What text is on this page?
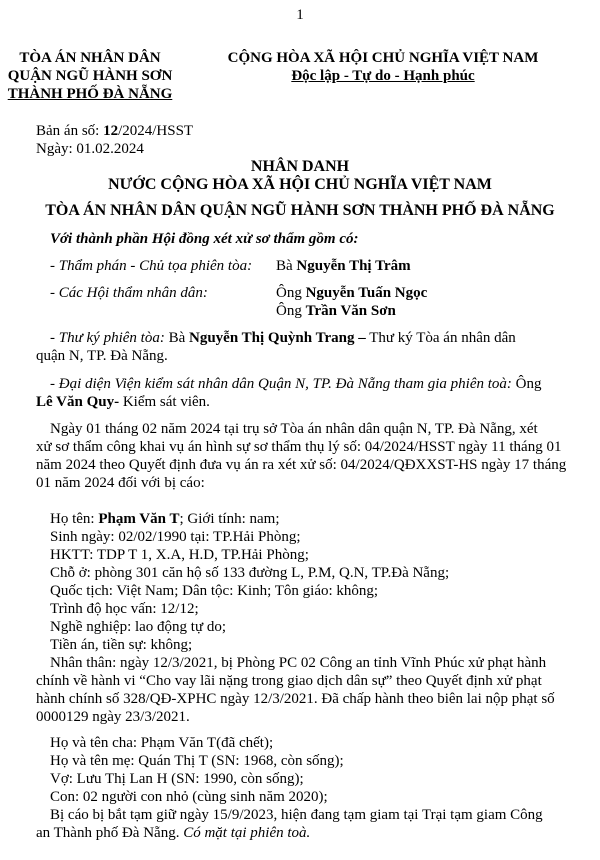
1
TÒA ÁN NHÂN DÂN
QUẬN NGŨ HÀNH SƠN
THÀNH PHỐ ĐÀ NẴNG
CỘNG HÒA XÃ HỘI CHỦ NGHĨA VIỆT NAM
Độc lập - Tự do - Hạnh phúc
Bản án số: 12/2024/HSST
Ngày: 01.02.2024
NHÂN DANH
NƯỚC CỘNG HÒA XÃ HỘI CHỦ NGHĨA VIỆT NAM
TÒA ÁN NHÂN DÂN QUẬN NGŨ HÀNH SƠN THÀNH PHỐ ĐÀ NẴNG
Với thành phần Hội đồng xét xử sơ thẩm gồm có:
- Thẩm phán - Chủ tọa phiên tòa: Bà Nguyễn Thị Trâm
- Các Hội thẩm nhân dân:	Ông Nguyễn Tuấn Ngọc
Ông Trần Văn Sơn
- Thư ký phiên tòa: Bà Nguyễn Thị Quỳnh Trang – Thư ký Tòa án nhân dân
quận N, TP. Đà Nẵng.
- Đại diện Viện kiểm sát nhân dân Quận N, TP. Đà Nẵng tham gia phiên toà: Ông
Lê Văn Quy- Kiểm sát viên.
Ngày 01 tháng 02 năm 2024 tại trụ sở Tòa án nhân dân quận N, TP. Đà Nẵng, xét
xử sơ thẩm công khai vụ án hình sự sơ thẩm thụ lý số: 04/2024/HSST ngày 11 tháng 01
năm 2024 theo Quyết định đưa vụ án ra xét xử số: 04/2024/QĐXXST-HS ngày 17 tháng
01 năm 2024 đối với bị cáo:
Họ tên: Phạm Văn T; Giới tính: nam;
Sinh ngày: 02/02/1990 tại: TP.Hải Phòng;
HKTT: TDP T 1, X.A, H.D, TP.Hải Phòng;
Chỗ ở: phòng 301 căn hộ số 133 đường L, P.M, Q.N, TP.Đà Nẵng;
Quốc tịch: Việt Nam; Dân tộc: Kinh; Tôn giáo: không;
Trình độ học vấn: 12/12;
Nghề nghiệp: lao động tự do;
Tiền án, tiền sự: không;
Nhân thân: ngày 12/3/2021, bị Phòng PC 02 Công an tỉnh Vĩnh Phúc xử phạt hành
chính về hành vi “Cho vay lãi nặng trong giao dịch dân sự” theo Quyết định xử phạt
hành chính số 328/QĐ-XPHC ngày 12/3/2021. Đã chấp hành theo biên lai nộp phạt số
0000129 ngày 23/3/2021.
Họ và tên cha: Phạm Văn T(đã chết);
Họ và tên mẹ: Quán Thị T (SN: 1968, còn sống);
Vợ: Lưu Thị Lan H (SN: 1990, còn sống);
Con: 02 người con nhỏ (cùng sinh năm 2020);
Bị cáo bị bắt tạm giữ ngày 15/9/2023, hiện đang tạm giam tại Trại tạm giam Công
an Thành phố Đà Nẵng. Có mặt tại phiên toà.
